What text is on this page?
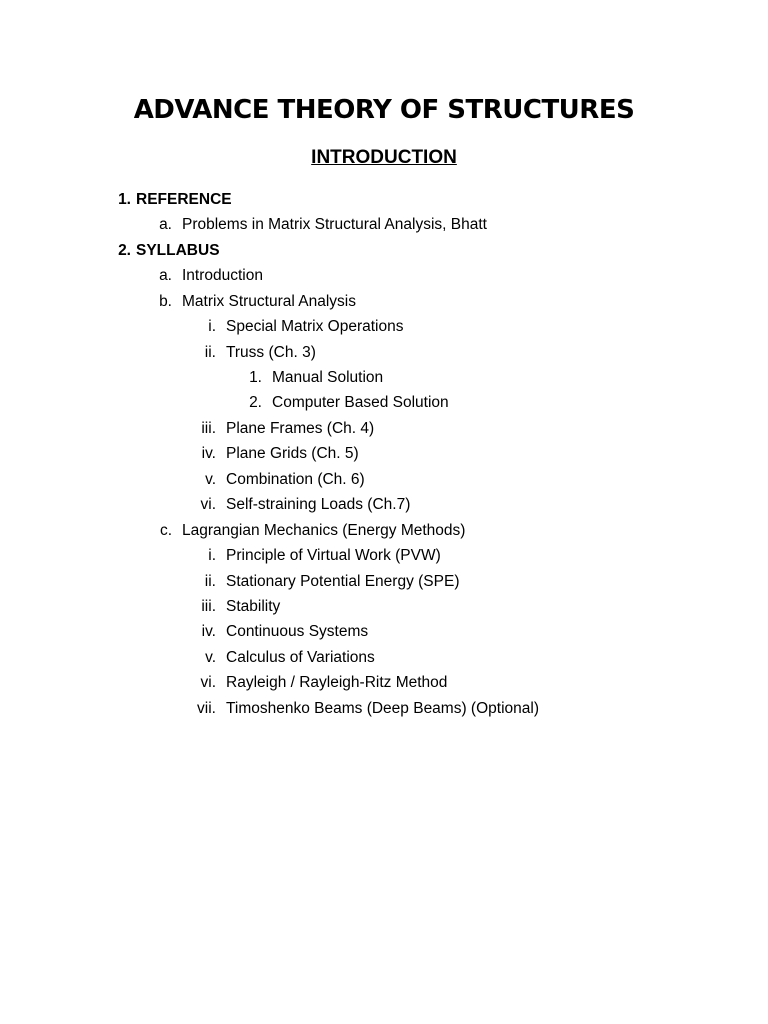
ADVANCE THEORY OF STRUCTURES
INTRODUCTION
1. REFERENCE
a. Problems in Matrix Structural Analysis, Bhatt
2. SYLLABUS
a. Introduction
b. Matrix Structural Analysis
i. Special Matrix Operations
ii. Truss (Ch. 3)
1. Manual Solution
2. Computer Based Solution
iii. Plane Frames (Ch. 4)
iv. Plane Grids (Ch. 5)
v. Combination (Ch. 6)
vi. Self-straining Loads (Ch.7)
c. Lagrangian Mechanics (Energy Methods)
i. Principle of Virtual Work (PVW)
ii. Stationary Potential Energy (SPE)
iii. Stability
iv. Continuous Systems
v. Calculus of Variations
vi. Rayleigh / Rayleigh-Ritz Method
vii. Timoshenko Beams (Deep Beams) (Optional)
